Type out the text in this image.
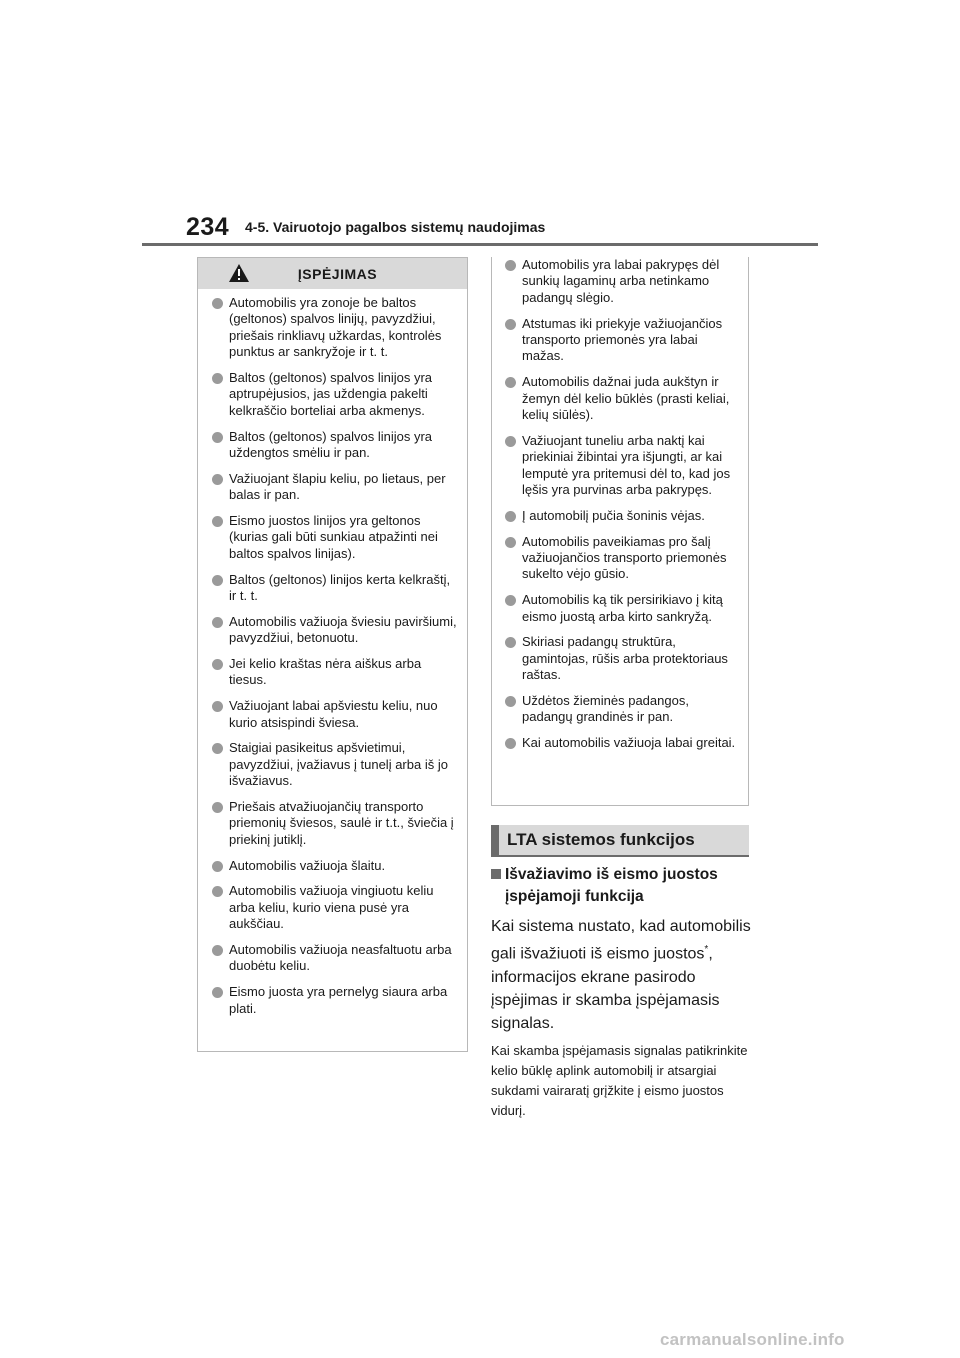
234 4-5. Vairuotojo pagalbos sistemų naudojimas
ĮSPĖJIMAS
Automobilis yra zonoje be baltos (geltonos) spalvos linijų, pavyzdžiui, priešais rinkliavų užkardas, kontrolės punktus ar sankryžoje ir t. t.
Baltos (geltonos) spalvos linijos yra aptrupėjusios, jas uždengia pakelti kelkraščio borteliai arba akmenys.
Baltos (geltonos) spalvos linijos yra uždengtos smėliu ir pan.
Važiuojant šlapiu keliu, po lietaus, per balas ir pan.
Eismo juostos linijos yra geltonos (kurias gali būti sunkiau atpažinti nei baltos spalvos linijas).
Baltos (geltonos) linijos kerta kelkraštį, ir t. t.
Automobilis važiuoja šviesiu paviršiumi, pavyzdžiui, betonuotu.
Jei kelio kraštas nėra aiškus arba tiesus.
Važiuojant labai apšviestu keliu, nuo kurio atsispindi šviesa.
Staigiai pasikeitus apšvietimui, pavyzdžiui, įvažiavus į tunelį arba iš jo išvažiavus.
Priešais atvažiuojančių transporto priemonių šviesos, saulė ir t.t., šviečia į priekinį jutiklį.
Automobilis važiuoja šlaitu.
Automobilis važiuoja vingiuotu keliu arba keliu, kurio viena pusė yra aukščiau.
Automobilis važiuoja neasfaltuotu arba duobėtu keliu.
Eismo juosta yra pernelyg siaura arba plati.
Automobilis yra labai pakrypęs dėl sunkių lagaminų arba netinkamo padangų slėgio.
Atstumas iki priekyje važiuojančios transporto priemonės yra labai mažas.
Automobilis dažnai juda aukštyn ir žemyn dėl kelio būklės (prasti keliai, kelių siūlės).
Važiuojant tuneliu arba naktį kai priekiniai žibintai yra išjungti, ar kai lemputė yra pritemusi dėl to, kad jos lęšis yra purvinas arba pakrypęs.
Į automobilį pučia šoninis vėjas.
Automobilis paveikiamas pro šalį važiuojančios transporto priemonės sukelto vėjo gūsio.
Automobilis ką tik persirikiavo į kitą eismo juostą arba kirto sankryžą.
Skiriasi padangų struktūra, gamintojas, rūšis arba protektoriaus raštas.
Uždėtos žieminės padangos, padangų grandinės ir pan.
Kai automobilis važiuoja labai greitai.
LTA sistemos funkcijos
Išvažiavimo iš eismo juostos
įspėjamoji funkcija
Kai sistema nustato, kad automobilis gali išvažiuoti iš eismo juostos*, informacijos ekrane pasirodo įspėjimas ir skamba įspėjamasis signalas.
Kai skamba įspėjamasis signalas patikrinkite kelio būklę aplink automobilį ir atsargiai sukdami vairaratį grįžkite į eismo juostos vidurį.
carmanualsonline.info
